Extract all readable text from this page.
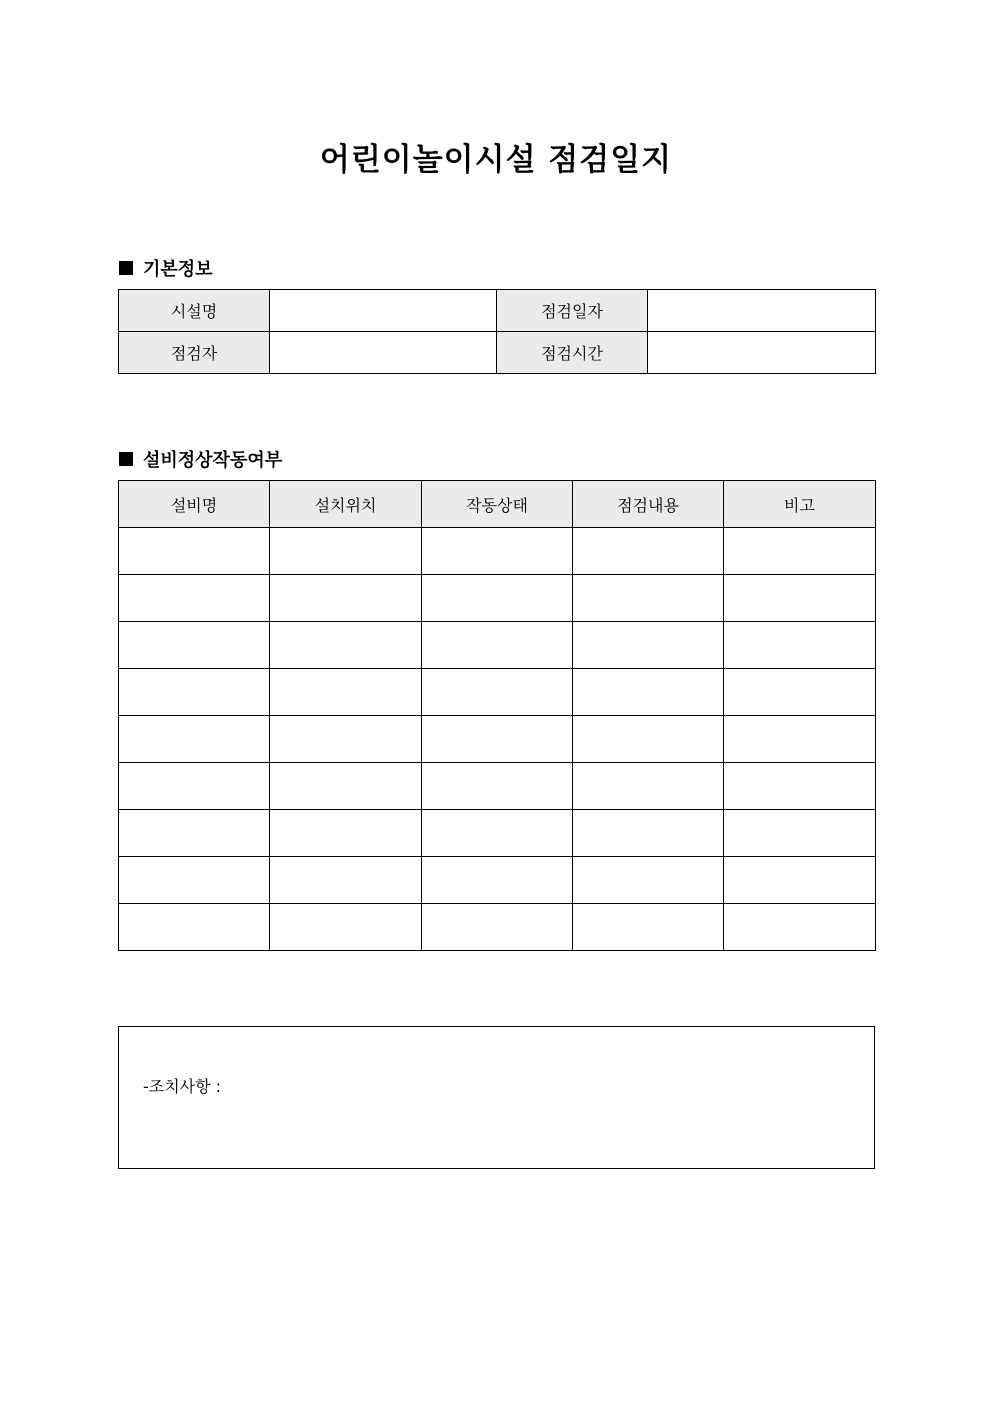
어린이놀이시설 점검일지
기본정보
시설명		점검일자	
점검자		점검시간	
설비정상작동여부
설비명	설치위치	작동상태	점검내용	비고

-조치사항 :
